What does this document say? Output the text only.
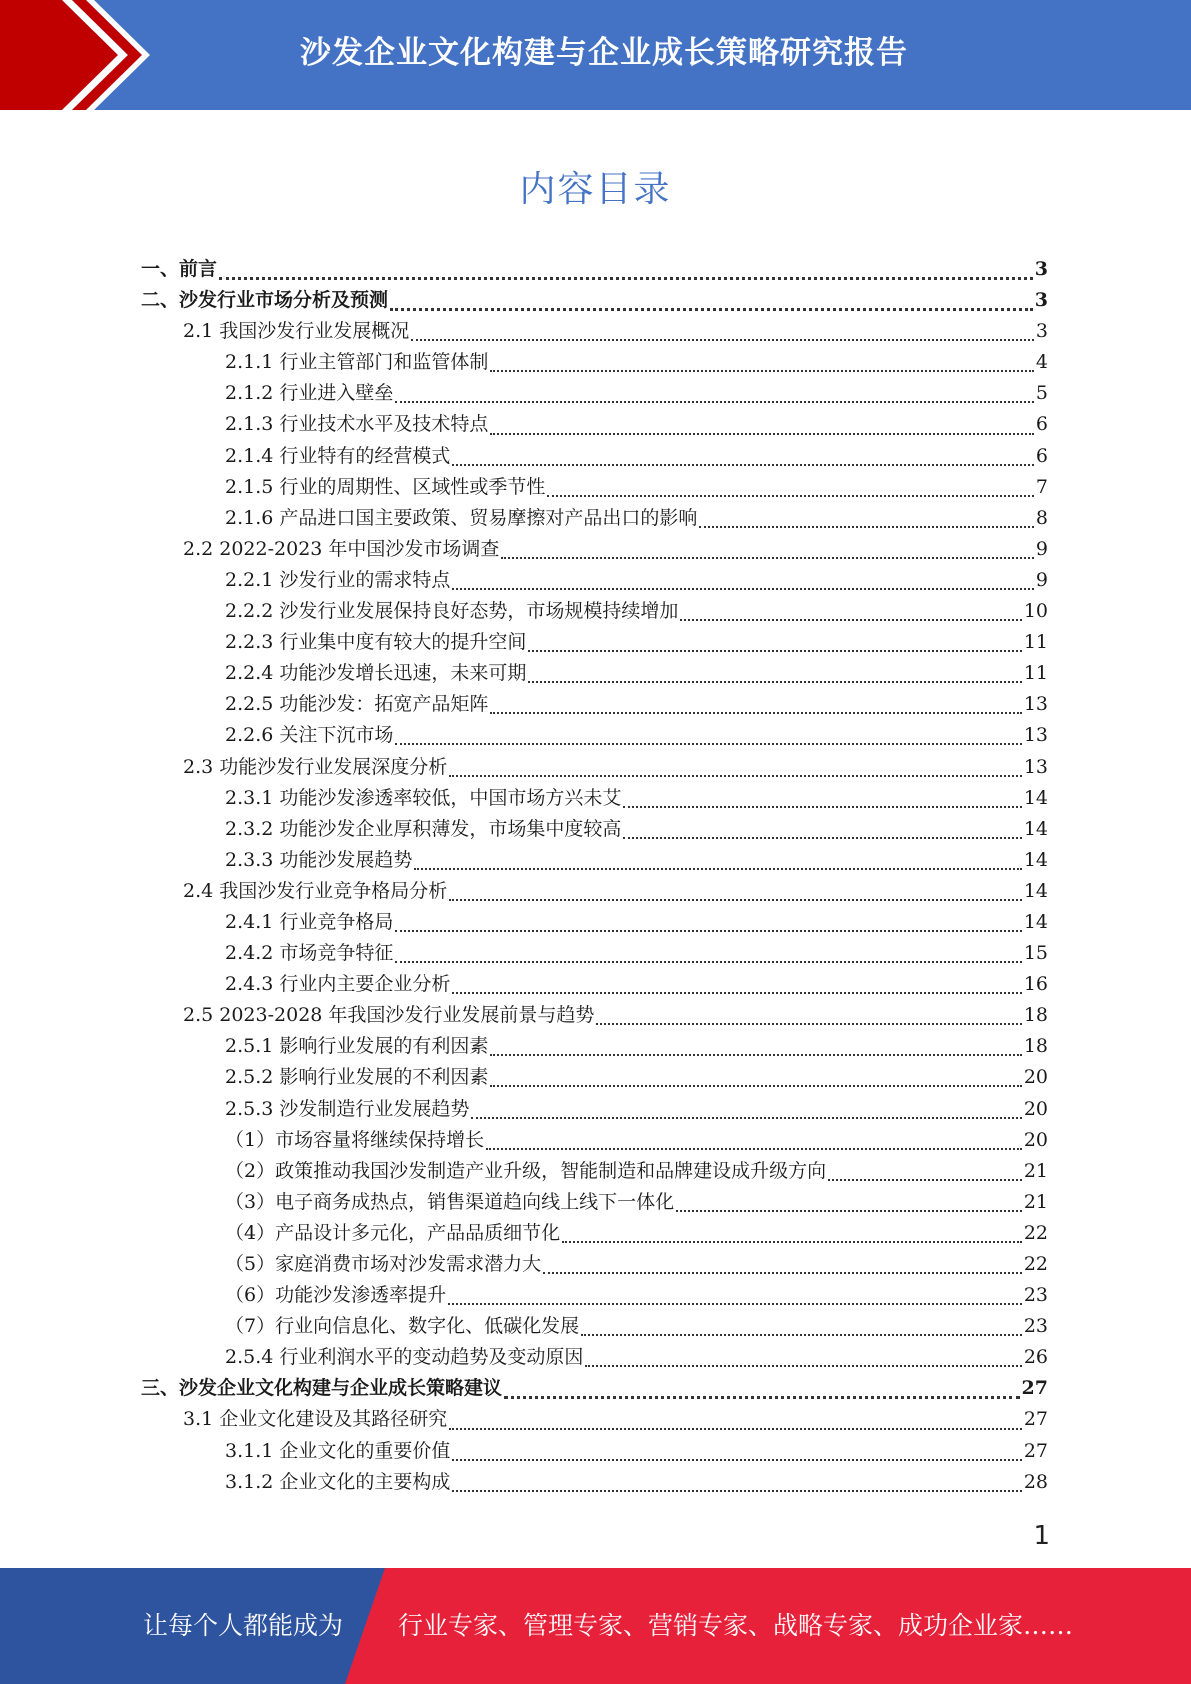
沙发企业文化构建与企业成长策略研究报告
内容目录
一、前言	3
二、沙发行业市场分析及预测	3
2.1 我国沙发行业发展概况	3
2.1.1 行业主管部门和监管体制	4
2.1.2 行业进入壁垒	5
2.1.3 行业技术水平及技术特点	6
2.1.4 行业特有的经营模式	6
2.1.5 行业的周期性、区域性或季节性	7
2.1.6 产品进口国主要政策、贸易摩擦对产品出口的影响	8
2.2 2022-2023 年中国沙发市场调查	9
2.2.1 沙发行业的需求特点	9
2.2.2 沙发行业发展保持良好态势，市场规模持续增加	10
2.2.3 行业集中度有较大的提升空间	11
2.2.4 功能沙发增长迅速，未来可期	11
2.2.5 功能沙发：拓宽产品矩阵	13
2.2.6 关注下沉市场	13
2.3 功能沙发行业发展深度分析	13
2.3.1 功能沙发渗透率较低，中国市场方兴未艾	14
2.3.2 功能沙发企业厚积薄发，市场集中度较高	14
2.3.3 功能沙发展趋势	14
2.4 我国沙发行业竞争格局分析	14
2.4.1 行业竞争格局	14
2.4.2 市场竞争特征	15
2.4.3 行业内主要企业分析	16
2.5 2023-2028 年我国沙发行业发展前景与趋势	18
2.5.1 影响行业发展的有利因素	18
2.5.2 影响行业发展的不利因素	20
2.5.3 沙发制造行业发展趋势	20
（1）市场容量将继续保持增长	20
（2）政策推动我国沙发制造产业升级，智能制造和品牌建设成升级方向	21
（3）电子商务成热点，销售渠道趋向线上线下一体化	21
（4）产品设计多元化，产品品质细节化	22
（5）家庭消费市场对沙发需求潜力大	22
（6）功能沙发渗透率提升	23
（7）行业向信息化、数字化、低碳化发展	23
2.5.4 行业利润水平的变动趋势及变动原因	26
三、沙发企业文化构建与企业成长策略建议	27
3.1 企业文化建设及其路径研究	27
3.1.1 企业文化的重要价值	27
3.1.2 企业文化的主要构成	28
1
让每个人都能成为 行业专家、管理专家、营销专家、战略专家、成功企业家……
